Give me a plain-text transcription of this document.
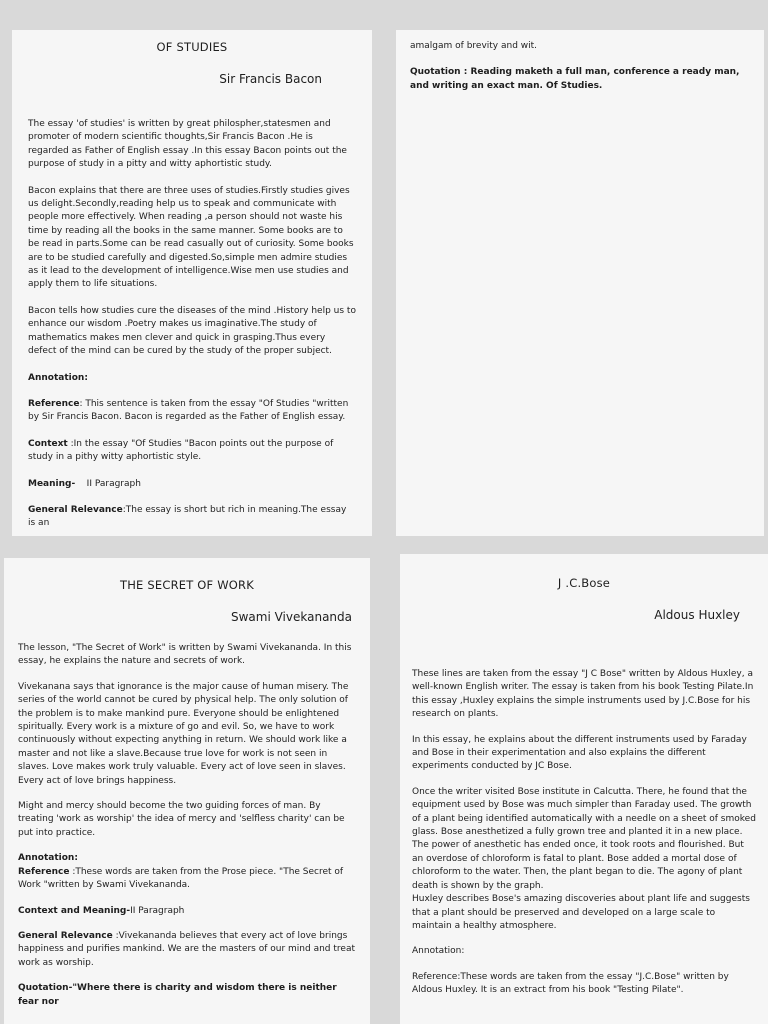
OF STUDIES
Sir Francis Bacon

The essay 'of studies' is written by great philospher,statesmen and promoter of modern scientific thoughts,Sir Francis Bacon .He is regarded as Father of English essay .In this essay Bacon points out the purpose of study in a pitty and witty aphortistic study.

Bacon explains that there are three uses of studies.Firstly studies gives us delight.Secondly,reading help us to speak and communicate with people more effectively. When reading ,a person should not waste his time by reading all the books in the same manner. Some books are to be read in parts.Some can be read casually out of curiosity. Some books are to be studied carefully and digested.So,simple men admire studies as it lead to the development of intelligence.Wise men use studies and apply them to life situations.

Bacon tells how studies cure the diseases of the mind .History help us to enhance our wisdom .Poetry makes us imaginative.The study of mathematics makes men clever and quick in grasping.Thus every defect of the mind can be cured by the study of the proper subject.

Annotation:

Reference: This sentence is taken from the essay "Of Studies "written by Sir Francis Bacon. Bacon is regarded as the Father of English essay.

Context :In the essay "Of Studies "Bacon points out the purpose of study in a pithy witty aphortistic style.

Meaning-    II Paragraph

General Relevance:The essay is short but rich in meaning.The essay is an

amalgam of brevity and wit.

Quotation : Reading maketh a full man, conference a ready man, and writing an exact man. Of Studies.

THE SECRET OF WORK
Swami Vivekananda

The lesson, "The Secret of Work" is written by Swami Vivekananda. In this essay, he explains the nature and secrets of work.

Vivekanana says that ignorance is the major cause of human misery. The series of the world cannot be cured by physical help. The only solution of the problem is to make mankind pure. Everyone should be enlightened spiritually. Every work is a mixture of go and evil. So, we have to work continuously without expecting anything in return. We should work like a master and not like a slave.Because true love for work is not seen in slaves. Love makes work truly valuable. Every act of love seen in slaves. Every act of love brings happiness.

Might and mercy should become the two guiding forces of man. By treating 'work as worship' the idea of mercy and 'selfless charity' can be put into practice.

Annotation:

Reference :These words are taken from the Prose piece. "The Secret of Work "written by Swami Vivekananda.

Context and Meaning-II Paragraph

General Relevance :Vivekananda believes that every act of love brings happiness and purifies mankind. We are the masters of our mind and treat work as worship.

Quotation-"Where there is charity and wisdom there is neither fear nor

J .C.Bose
Aldous Huxley

These lines are taken from the essay "J C Bose" written by Aldous Huxley, a well-known English writer. The essay is taken from his book Testing Pilate.In this essay ,Huxley explains the simple instruments used by J.C.Bose for his research on plants.

In this essay, he explains about the different instruments used by Faraday and Bose in their experimentation and also explains the different experiments conducted by JC Bose.

Once the writer visited Bose institute in Calcutta. There, he found that the equipment used by Bose was much simpler than Faraday used. The growth of a plant being identified automatically with a needle on a sheet of smoked glass. Bose anesthetized a fully grown tree and planted it in a new place. The power of anesthetic has ended once, it took roots and flourished. But an overdose of chloroform is fatal to plant. Bose added a mortal dose of chloroform to the water. Then, the plant began to die. The agony of plant death is shown by the graph.

Huxley describes Bose's amazing discoveries about plant life and suggests that a plant should be preserved and developed on a large scale to maintain a healthy atmosphere.

Annotation:

Reference:These words are taken from the essay "J.C.Bose" written by Aldous Huxley. It is an extract from his book "Testing Pilate".
